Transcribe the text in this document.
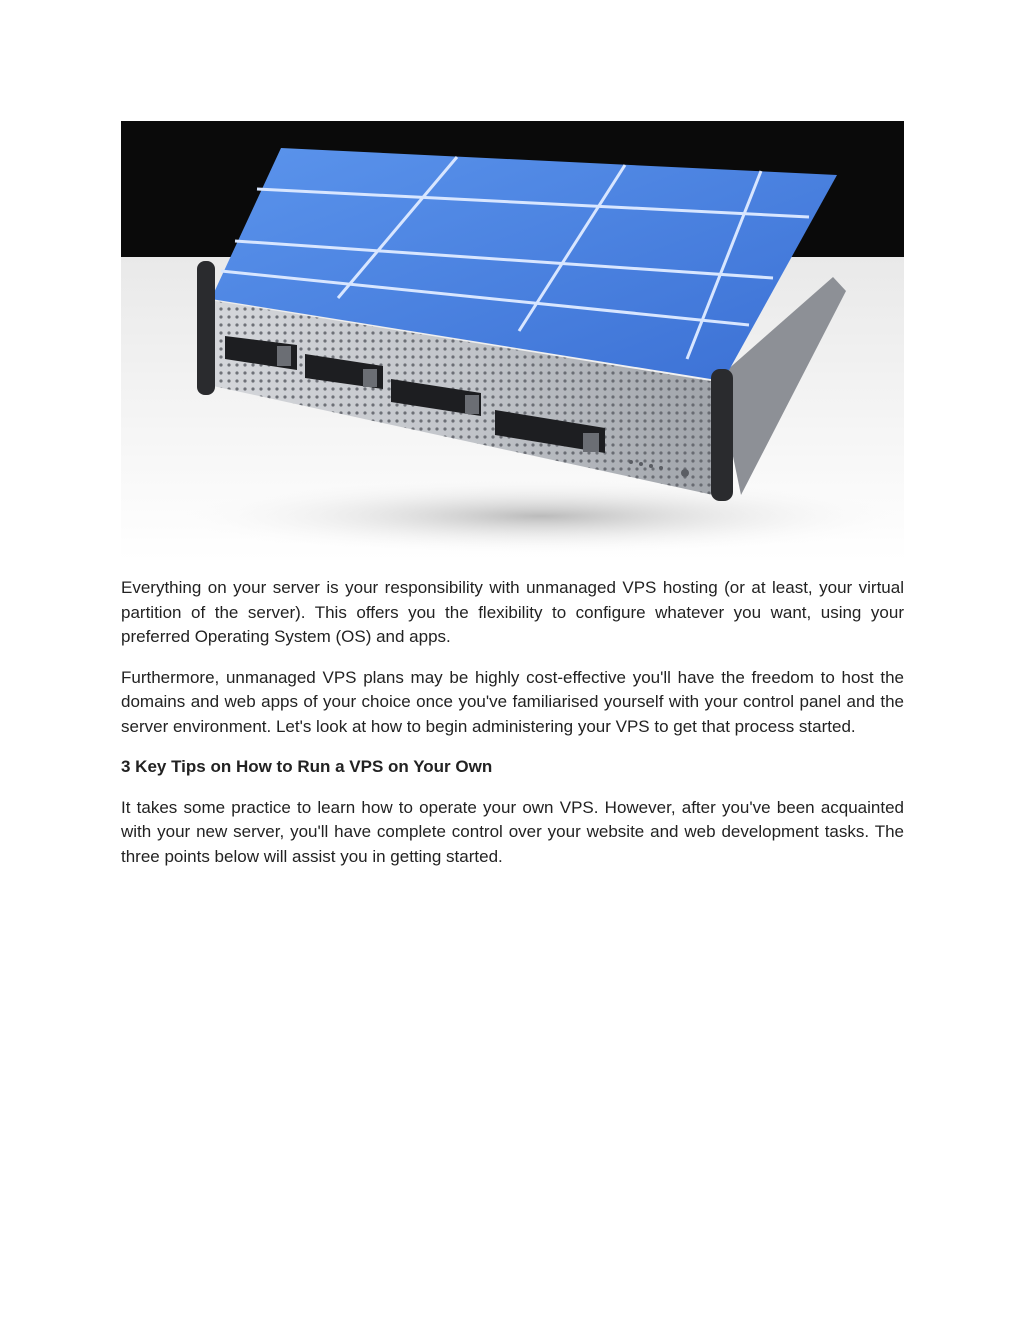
Everything on your server is your responsibility with unmanaged VPS hosting (or at least, your virtual partition of the server). This offers you the flexibility to configure whatever you want, using your preferred Operating System (OS) and apps.

Furthermore, unmanaged VPS plans may be highly cost-effective you'll have the freedom to host the domains and web apps of your choice once you've familiarised yourself with your control panel and the server environment. Let's look at how to begin administering your VPS to get that process started.

3 Key Tips on How to Run a VPS on Your Own

It takes some practice to learn how to operate your own VPS. However, after you've been acquainted with your new server, you'll have complete control over your website and web development tasks. The three points below will assist you in getting started.
